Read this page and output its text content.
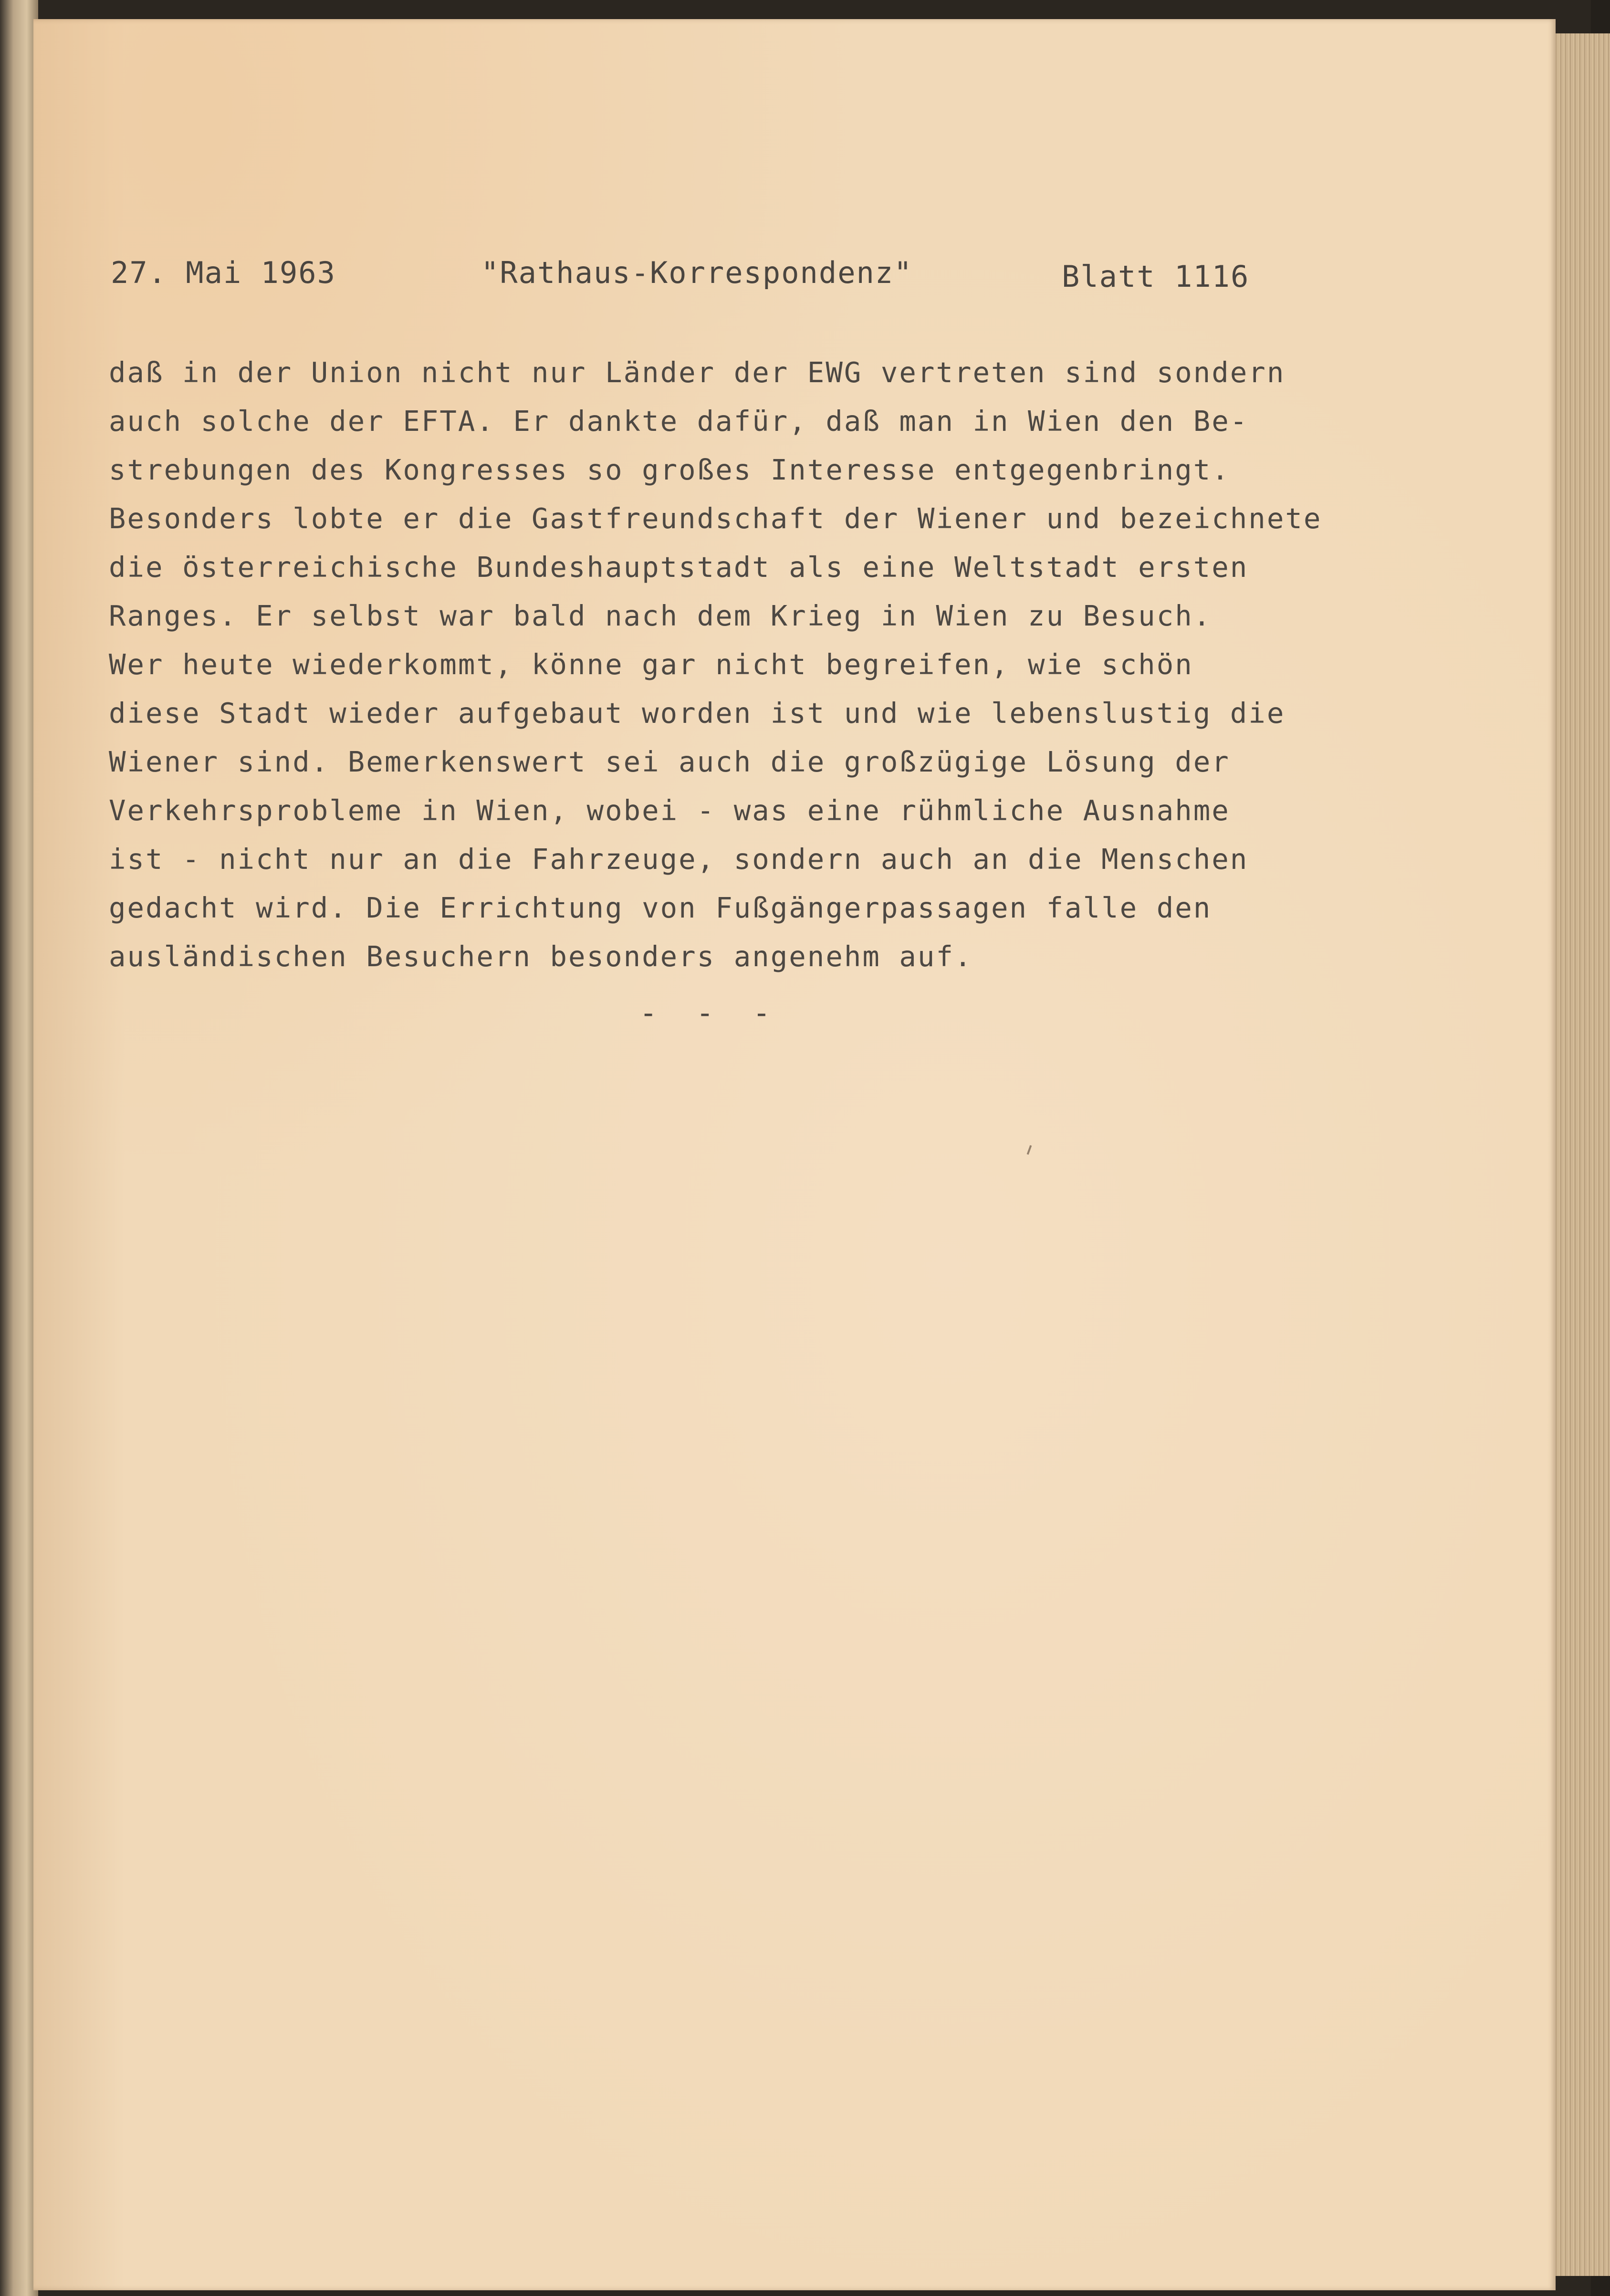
27. Mai 1963	"Rathaus-Korrespondenz"	Blatt 1116
daß in der Union nicht nur Länder der EWG vertreten sind sondern
auch solche der EFTA. Er dankte dafür, daß man in Wien den Be-
strebungen des Kongresses so großes Interesse entgegenbringt.
Besonders lobte er die Gastfreundschaft der Wiener und bezeichnete
die österreichische Bundeshauptstadt als eine Weltstadt ersten
Ranges. Er selbst war bald nach dem Krieg in Wien zu Besuch.
Wer heute wiederkommt, könne gar nicht begreifen, wie schön
diese Stadt wieder aufgebaut worden ist und wie lebenslustig die
Wiener sind. Bemerkenswert sei auch die großzügige Lösung der
Verkehrsprobleme in Wien, wobei - was eine rühmliche Ausnahme
ist - nicht nur an die Fahrzeuge, sondern auch an die Menschen
gedacht wird. Die Errichtung von Fußgängerpassagen falle den
ausländischen Besuchern besonders angenehm auf.
- - -
